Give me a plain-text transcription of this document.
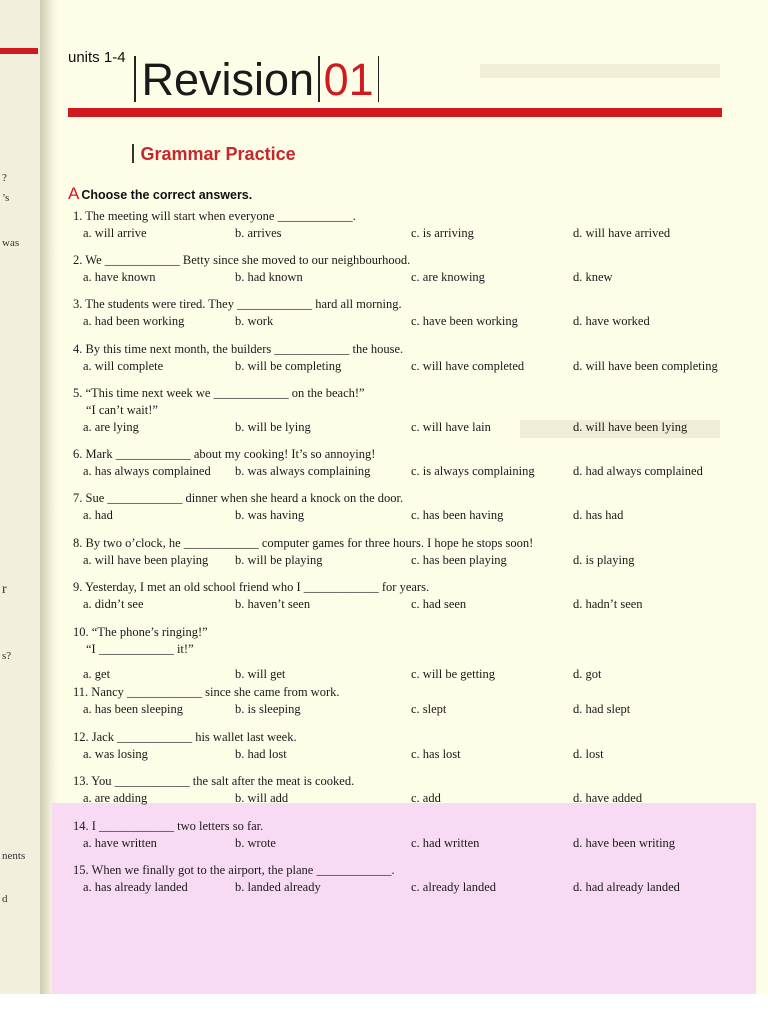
?
’s
was
r
s?
nents
d
units 1-4 Revision 01
Grammar Practice
A Choose the correct answers.
1. The meeting will start when everyone ____________.
a. will arrive	b. arrives	c. is arriving	d. will have arrived
2. We ____________ Betty since she moved to our neighbourhood.
a. have known	b. had known	c. are knowing	d. knew
3. The students were tired. They ____________ hard all morning.
a. had been working	b. work	c. have been working	d. have worked
4. By this time next month, the builders ____________ the house.
a. will complete	b. will be completing	c. will have completed	d. will have been completing
5. “This time next week we ____________ on the beach!”
“I can’t wait!”
a. are lying	b. will be lying	c. will have lain	d. will have been lying
6. Mark ____________ about my cooking! It’s so annoying!
a. has always complained b. was always complaining	c. is always complaining	d. had always complained
7. Sue ____________ dinner when she heard a knock on the door.
a. had	b. was having	c. has been having	d. has had
8. By two o’clock, he ____________ computer games for three hours. I hope he stops soon!
a. will have been playing b. will be playing	c. has been playing	d. is playing
9. Yesterday, I met an old school friend who I ____________ for years.
a. didn’t see	b. haven’t seen	c. had seen	d. hadn’t seen
10. “The phone’s ringing!”
“I ____________ it!”
a. get	b. will get	c. will be getting	d. got
11. Nancy ____________ since she came from work.
a. has been sleeping	b. is sleeping	c. slept	d. had slept
12. Jack ____________ his wallet last week.
a. was losing	b. had lost	c. has lost	d. lost
13. You ____________ the salt after the meat is cooked.
a. are adding	b. will add	c. add	d. have added
14. I ____________ two letters so far.
a. have written	b. wrote	c. had written	d. have been writing
15. When we finally got to the airport, the plane ____________.
a. has already landed	b. landed already	c. already landed	d. had already landed
